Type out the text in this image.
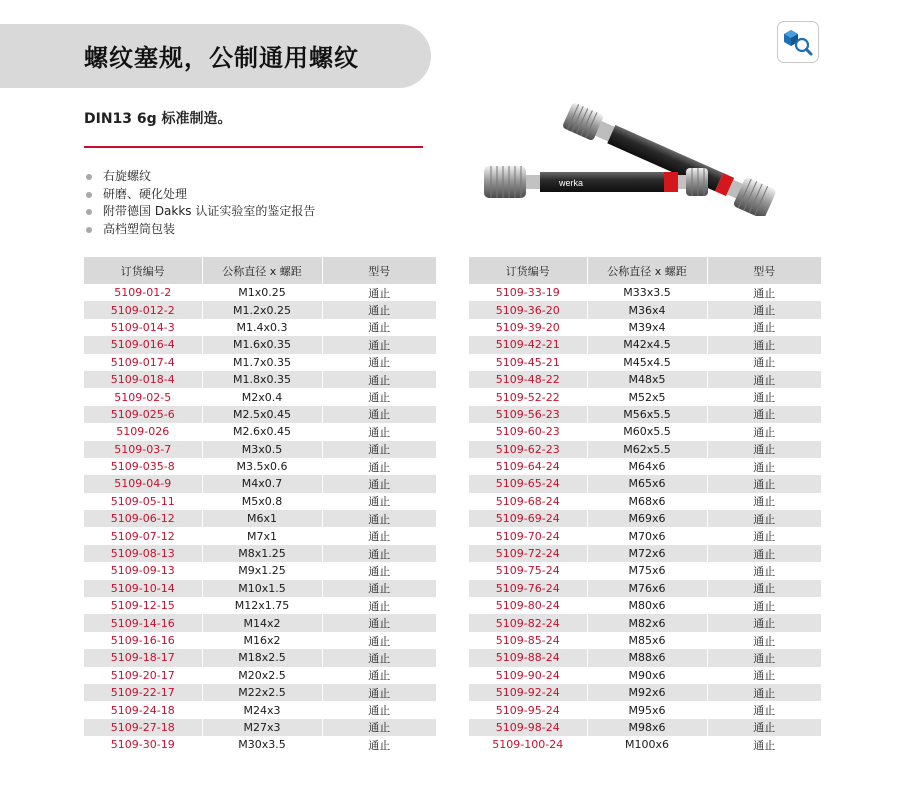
螺纹塞规，公制通用螺纹
DIN13 6g 标准制造。
右旋螺纹
研磨、硬化处理
附带德国 Dakks 认证实验室的鉴定报告
高档塑筒包装
werka
订货编号	公称直径 x 螺距	型号
5109-01-2	M1x0.25	通止
5109-012-2	M1.2x0.25	通止
5109-014-3	M1.4x0.3	通止
5109-016-4	M1.6x0.35	通止
5109-017-4	M1.7x0.35	通止
5109-018-4	M1.8x0.35	通止
5109-02-5	M2x0.4	通止
5109-025-6	M2.5x0.45	通止
5109-026	M2.6x0.45	通止
5109-03-7	M3x0.5	通止
5109-035-8	M3.5x0.6	通止
5109-04-9	M4x0.7	通止
5109-05-11	M5x0.8	通止
5109-06-12	M6x1	通止
5109-07-12	M7x1	通止
5109-08-13	M8x1.25	通止
5109-09-13	M9x1.25	通止
5109-10-14	M10x1.5	通止
5109-12-15	M12x1.75	通止
5109-14-16	M14x2	通止
5109-16-16	M16x2	通止
5109-18-17	M18x2.5	通止
5109-20-17	M20x2.5	通止
5109-22-17	M22x2.5	通止
5109-24-18	M24x3	通止
5109-27-18	M27x3	通止
5109-30-19	M30x3.5	通止
订货编号	公称直径 x 螺距	型号
5109-33-19	M33x3.5	通止
5109-36-20	M36x4	通止
5109-39-20	M39x4	通止
5109-42-21	M42x4.5	通止
5109-45-21	M45x4.5	通止
5109-48-22	M48x5	通止
5109-52-22	M52x5	通止
5109-56-23	M56x5.5	通止
5109-60-23	M60x5.5	通止
5109-62-23	M62x5.5	通止
5109-64-24	M64x6	通止
5109-65-24	M65x6	通止
5109-68-24	M68x6	通止
5109-69-24	M69x6	通止
5109-70-24	M70x6	通止
5109-72-24	M72x6	通止
5109-75-24	M75x6	通止
5109-76-24	M76x6	通止
5109-80-24	M80x6	通止
5109-82-24	M82x6	通止
5109-85-24	M85x6	通止
5109-88-24	M88x6	通止
5109-90-24	M90x6	通止
5109-92-24	M92x6	通止
5109-95-24	M95x6	通止
5109-98-24	M98x6	通止
5109-100-24	M100x6	通止
